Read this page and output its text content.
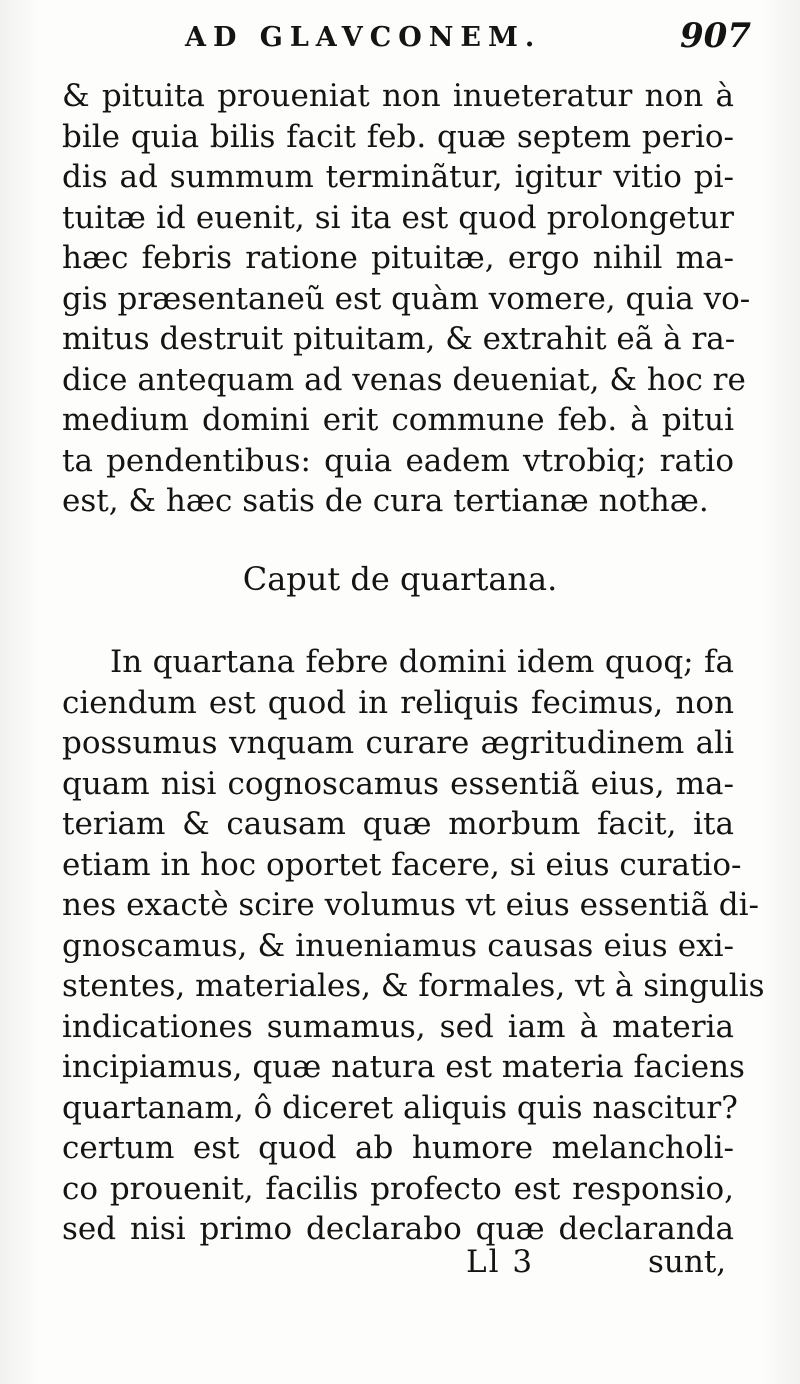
AD GLAVCONEM.	907
& pituita proueniat non inueteratur non à
bile quia bilis facit feb. quæ septem perio-
dis ad summum terminãtur, igitur vitio pi-
tuitæ id euenit, si ita est quod prolongetur
hæc febris ratione pituitæ, ergo nihil ma-
gis præsentaneũ est quàm vomere, quia vo-
mitus destruit pituitam, & extrahit eã à ra-
dice antequam ad venas deueniat, & hoc re
medium domini erit commune feb. à pitui
ta pendentibus: quia eadem vtrobiq; ratio
est, & hæc satis de cura tertianæ nothæ.
Caput de quartana.
In quartana febre domini idem quoq; fa
ciendum est quod in reliquis fecimus, non
possumus vnquam curare ægritudinem ali
quam nisi cognoscamus essentiã eius, ma-
teriam & causam quæ morbum facit, ita
etiam in hoc oportet facere, si eius curatio-
nes exactè scire volumus vt eius essentiã di-
gnoscamus, & inueniamus causas eius exi-
stentes, materiales, & formales, vt à singulis
indicationes sumamus, sed iam à materia
incipiamus, quæ natura est materia faciens
quartanam, ô diceret aliquis quis nascitur?
certum est quod ab humore melancholi-
co prouenit, facilis profecto est responsio,
sed nisi primo declarabo quæ declaranda
Ll 3	sunt,
